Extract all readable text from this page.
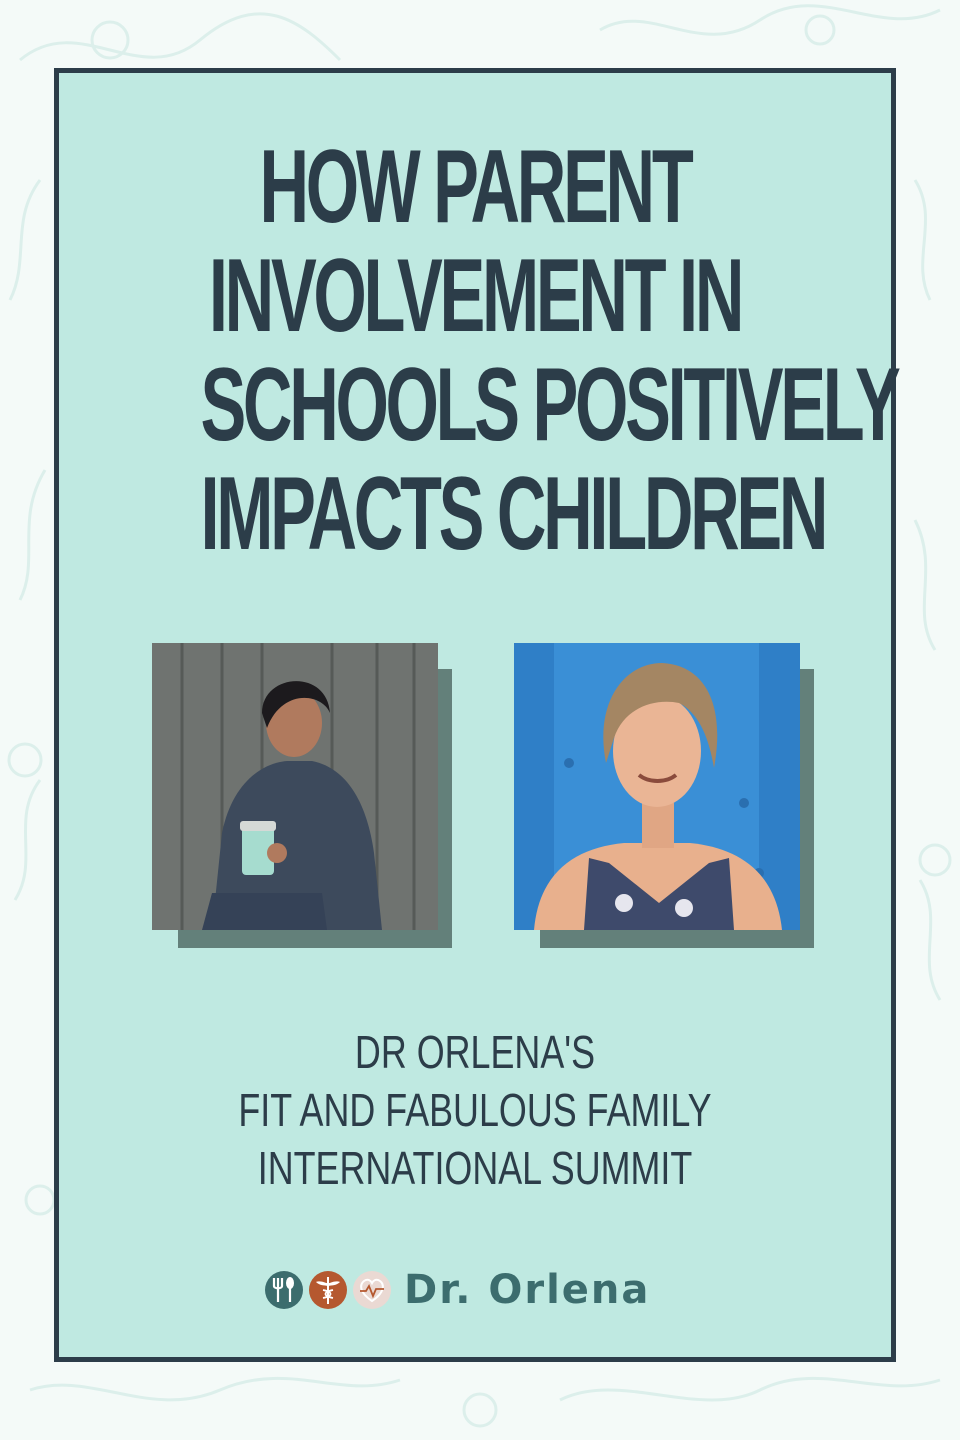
HOW PARENT
INVOLVEMENT IN
SCHOOLS POSITIVELY
IMPACTS CHILDREN
DR ORLENA'S
FIT AND FABULOUS FAMILY
INTERNATIONAL SUMMIT
Dr. Orlena
